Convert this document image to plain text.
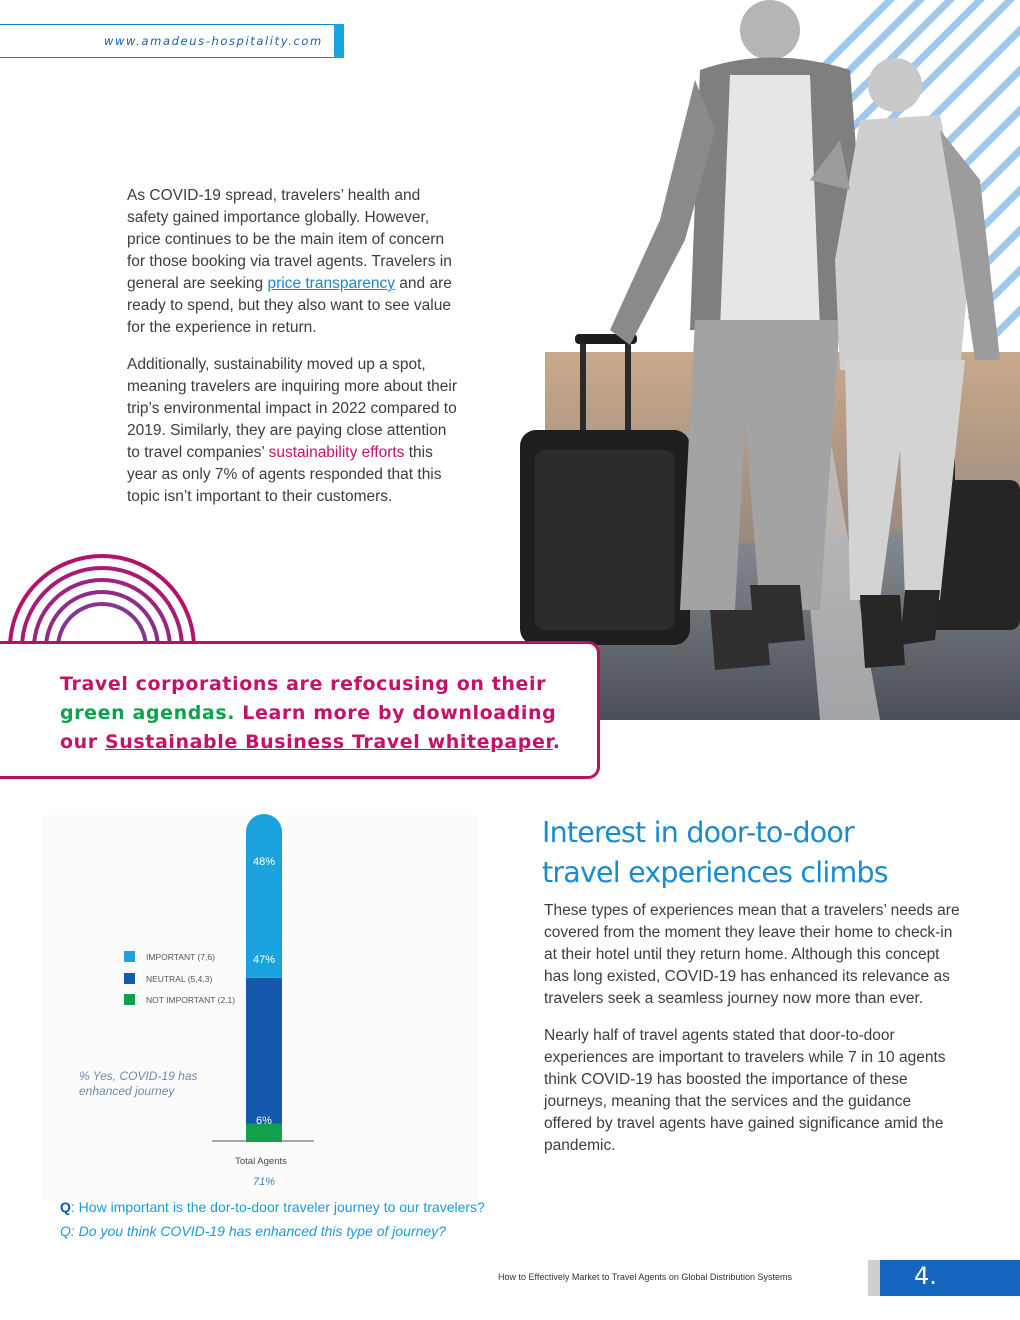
www.amadeus-hospitality.com

As COVID-19 spread, travelers’ health and safety gained importance globally. However, price continues to be the main item of concern for those booking via travel agents. Travelers in general are seeking price transparency and are ready to spend, but they also want to see value for the experience in return.

Additionally, sustainability moved up a spot, meaning travelers are inquiring more about their trip’s environmental impact in 2022 compared to 2019. Similarly, they are paying close attention to travel companies’ sustainability efforts this year as only 7% of agents responded that this topic isn’t important to their customers.

Travel corporations are refocusing on their green agendas. Learn more by downloading our Sustainable Business Travel whitepaper.
IMPORTANT (7,6)
NEUTRAL (5,4,3)
NOT IMPORTANT (2,1)
48%
47%
6%
% Yes, COVID-19 has enhanced journey
Total Agents
71%
Q: How important is the dor-to-door traveler journey to our travelers?
Q: Do you think COVID-19 has enhanced this type of journey?
Interest in door-to-door travel experiences climbs

These types of experiences mean that a travelers’ needs are covered from the moment they leave their home to check-in at their hotel until they return home. Although this concept has long existed, COVID-19 has enhanced its relevance as travelers seek a seamless journey now more than ever.

Nearly half of travel agents stated that door-to-door experiences are important to travelers while 7 in 10 agents think COVID-19 has boosted the importance of these journeys, meaning that the services and the guidance offered by travel agents have gained significance amid the pandemic.

How to Effectively Market to Travel Agents on Global Distribution Systems	4.
